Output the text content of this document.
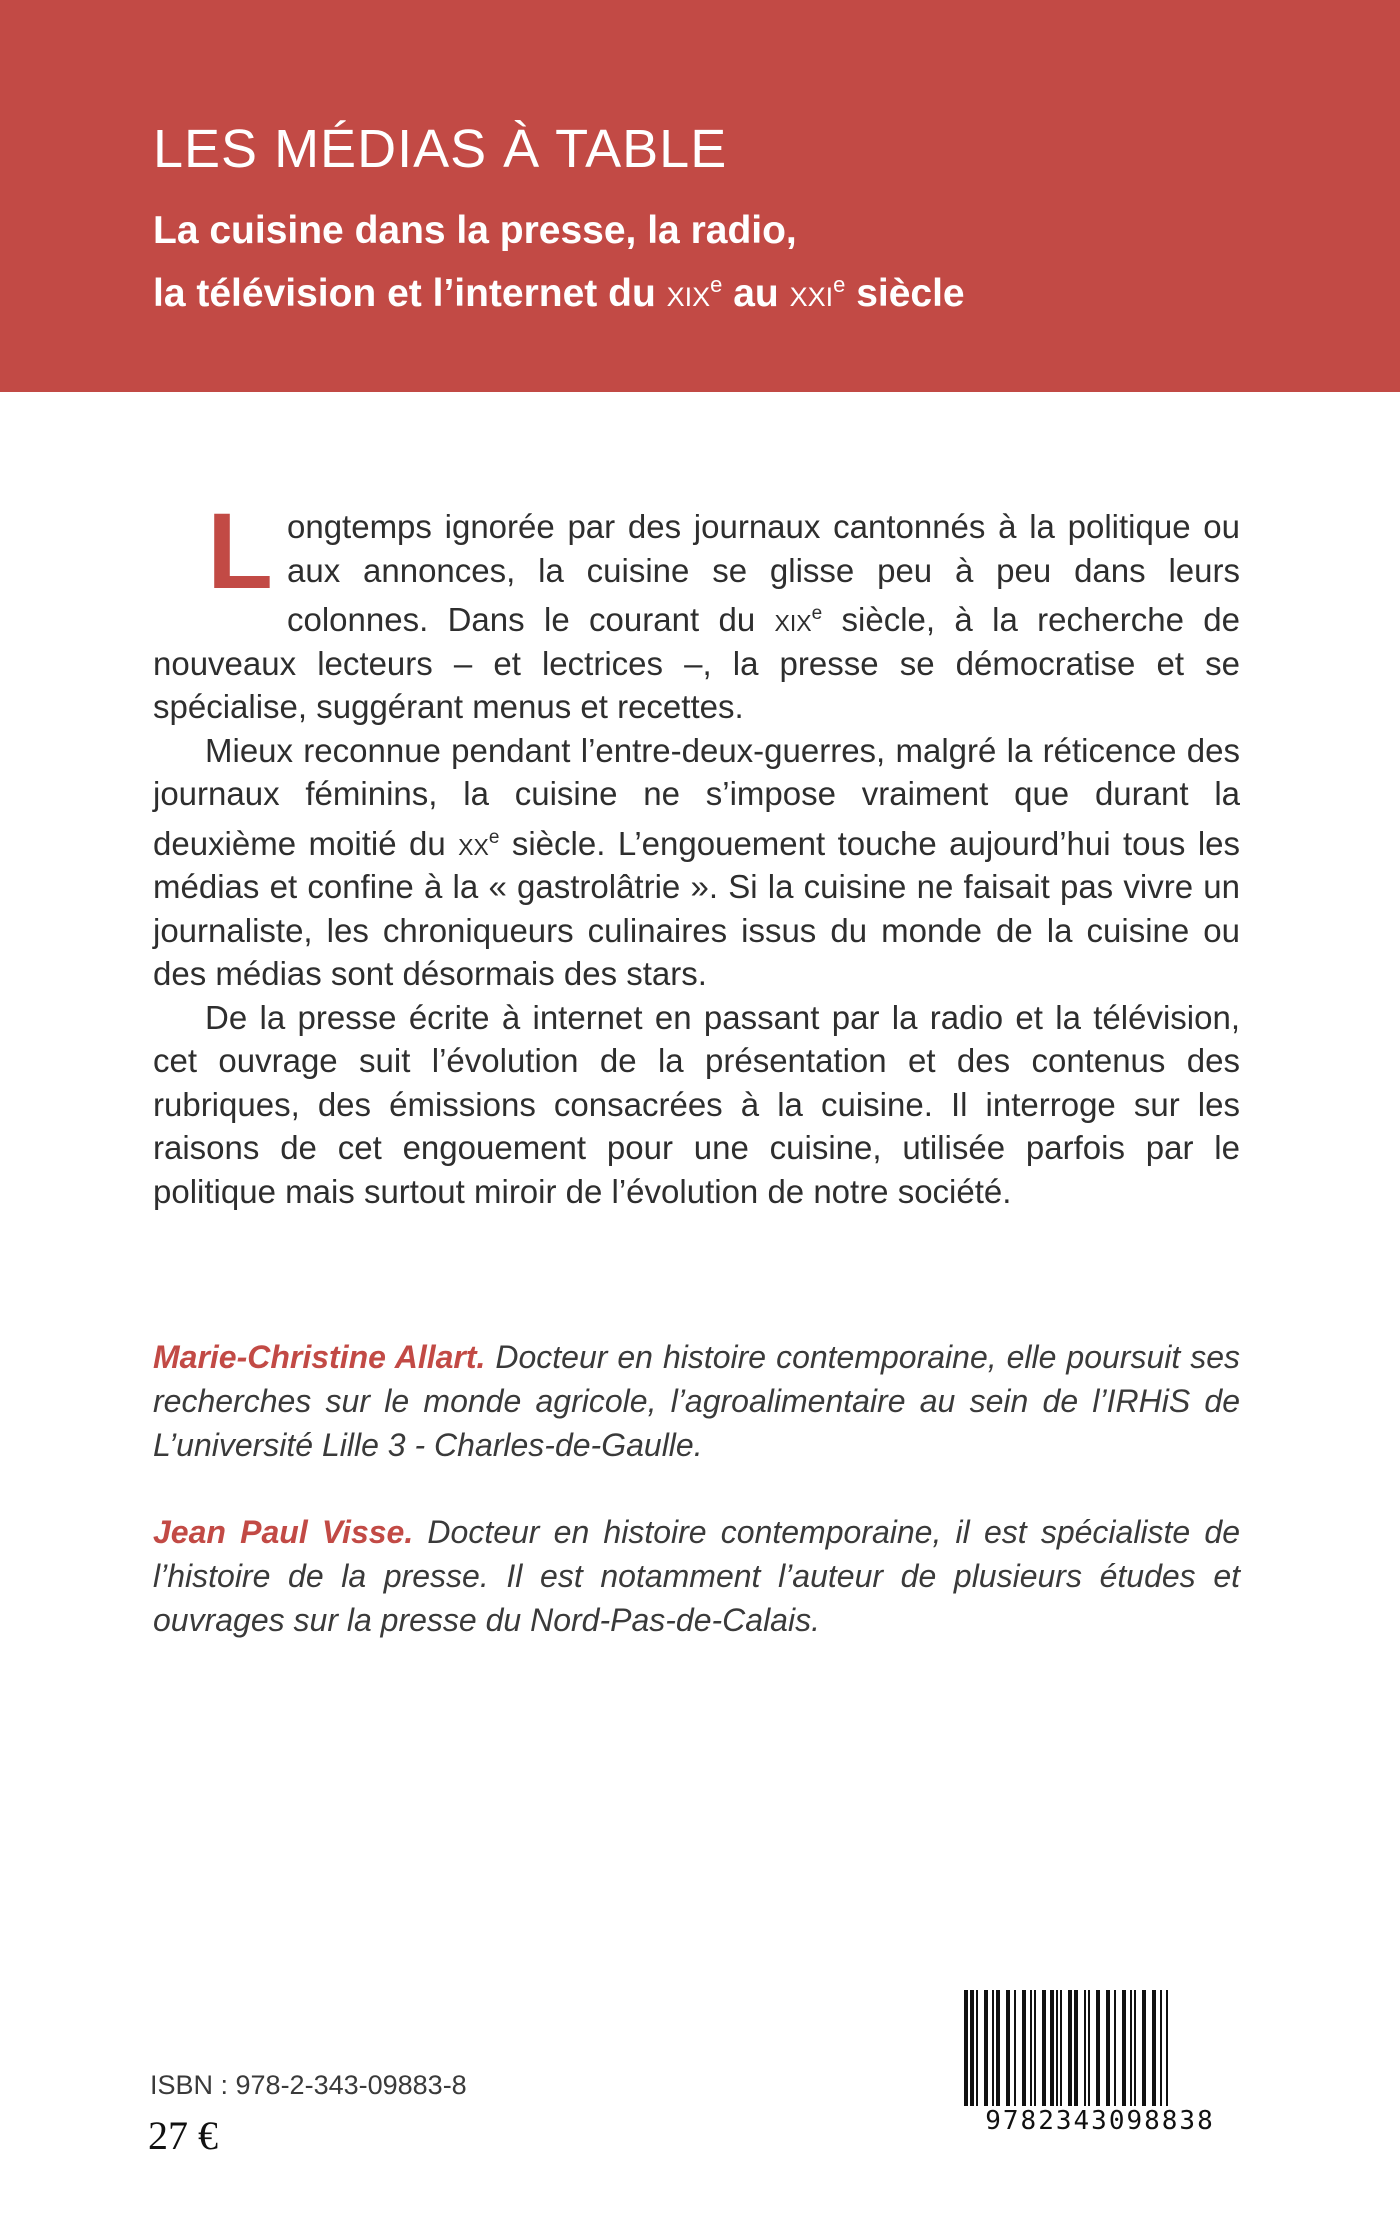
LES MÉDIAS À TABLE

La cuisine dans la presse, la radio,
la télévision et l’internet du xix$^e$ au xxi$^e$ siècle

Longtemps ignorée par des journaux cantonnés à la politique ou aux annonces, la cuisine se glisse peu à peu dans leurs colonnes. Dans le courant du xix$^e$ siècle, à la recherche de nouveaux lecteurs – et lectrices –, la presse se démocratise et se spécialise, suggérant menus et recettes.

Mieux reconnue pendant l’entre-deux-guerres, malgré la réticence des journaux féminins, la cuisine ne s’impose vraiment que durant la deuxième moitié du $xx^e$ siècle. L’engouement touche aujourd’hui tous les médias et confine à la « gastrolâtrie ». Si la cuisine ne faisait pas vivre un journaliste, les chroniqueurs culinaires issus du monde de la cuisine ou des médias sont désormais des stars.

De la presse écrite à internet en passant par la radio et la télévision, cet ouvrage suit l’évolution de la présentation et des contenus des rubriques, des émissions consacrées à la cuisine. Il interroge sur les raisons de cet engouement pour une cuisine, utilisée parfois par le politique mais surtout miroir de l’évolution de notre société.

Marie-Christine Allart. Docteur en histoire contemporaine, elle poursuit ses recherches sur le monde agricole, l’agroalimentaire au sein de l’IRHiS de L’université Lille 3 - Charles-de-Gaulle.

Jean Paul Visse. Docteur en histoire contemporaine, il est spécialiste de l’histoire de la presse. Il est notamment l’auteur de plusieurs études et ouvrages sur la presse du Nord-Pas-de-Calais.

ISBN : 978-2-343-09883-8
27 €	9782343098838
